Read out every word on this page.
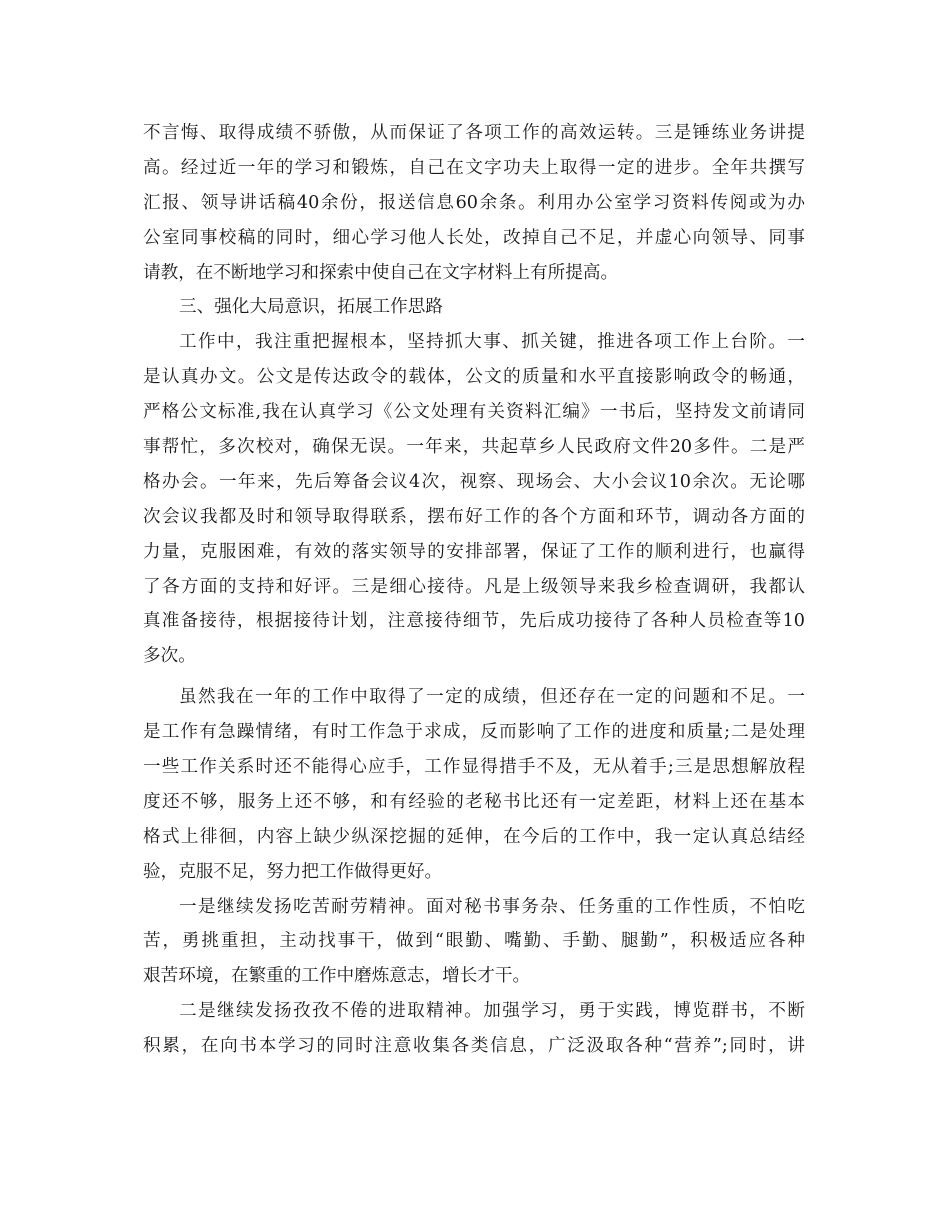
不言悔、取得成绩不骄傲，从而保证了各项工作的高效运转。三是锤练业务讲提
高。经过近一年的学习和锻炼，自己在文字功夫上取得一定的进步。全年共撰写
汇报、领导讲话稿40余份，报送信息60余条。利用办公室学习资料传阅或为办
公室同事校稿的同时，细心学习他人长处，改掉自己不足，并虚心向领导、同事
请教，在不断地学习和探索中使自己在文字材料上有所提高。
三、强化大局意识，拓展工作思路
工作中，我注重把握根本，坚持抓大事、抓关键，推进各项工作上台阶。一
是认真办文。公文是传达政令的载体，公文的质量和水平直接影响政令的畅通，
严格公文标准,我在认真学习《公文处理有关资料汇编》一书后，坚持发文前请同
事帮忙，多次校对，确保无误。一年来，共起草乡人民政府文件20多件。二是严
格办会。一年来，先后筹备会议4次，视察、现场会、大小会议10余次。无论哪
次会议我都及时和领导取得联系，摆布好工作的各个方面和环节，调动各方面的
力量，克服困难，有效的落实领导的安排部署，保证了工作的顺利进行，也赢得
了各方面的支持和好评。三是细心接待。凡是上级领导来我乡检查调研，我都认
真准备接待，根据接待计划，注意接待细节，先后成功接待了各种人员检查等10
多次。
虽然我在一年的工作中取得了一定的成绩，但还存在一定的问题和不足。一
是工作有急躁情绪，有时工作急于求成，反而影响了工作的进度和质量;二是处理
一些工作关系时还不能得心应手，工作显得措手不及，无从着手;三是思想解放程
度还不够，服务上还不够，和有经验的老秘书比还有一定差距，材料上还在基本
格式上徘徊，内容上缺少纵深挖掘的延伸，在今后的工作中，我一定认真总结经
验，克服不足，努力把工作做得更好。
一是继续发扬吃苦耐劳精神。面对秘书事务杂、任务重的工作性质，不怕吃
苦，勇挑重担，主动找事干，做到“眼勤、嘴勤、手勤、腿勤”，积极适应各种
艰苦环境，在繁重的工作中磨炼意志，增长才干。
二是继续发扬孜孜不倦的进取精神。加强学习，勇于实践，博览群书，不断
积累，在向书本学习的同时注意收集各类信息，广泛汲取各种“营养”;同时，讲
